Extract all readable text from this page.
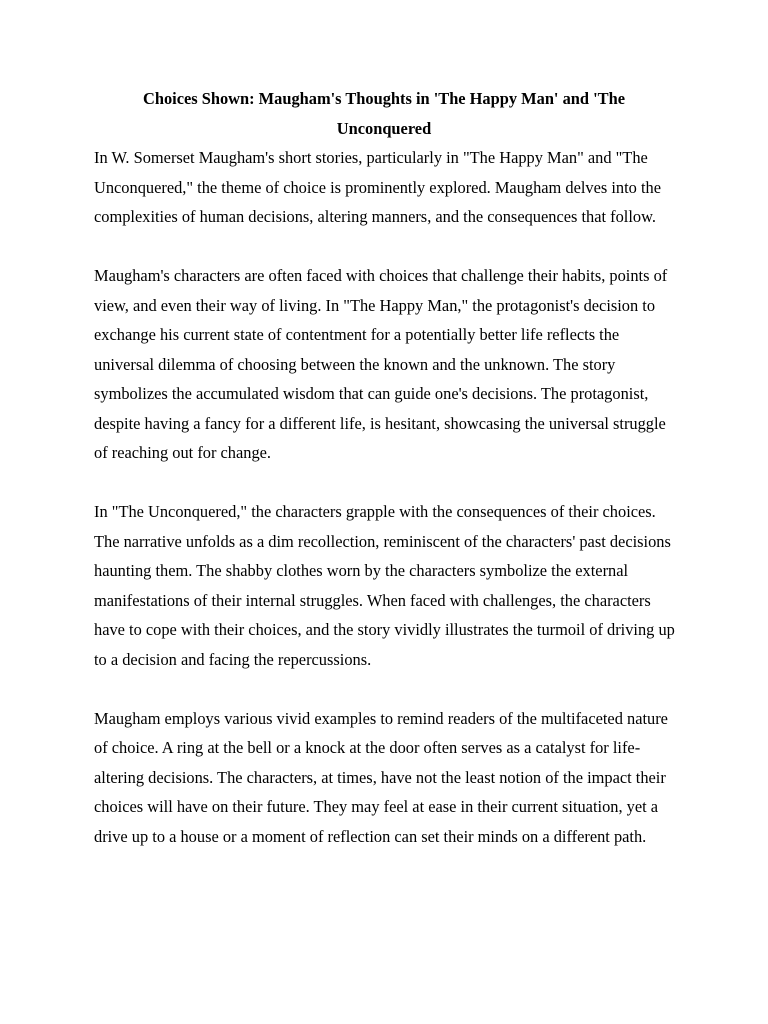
Choices Shown: Maugham's Thoughts in 'The Happy Man' and 'The Unconquered

In W. Somerset Maugham's short stories, particularly in "The Happy Man" and "The Unconquered," the theme of choice is prominently explored. Maugham delves into the complexities of human decisions, altering manners, and the consequences that follow.

Maugham's characters are often faced with choices that challenge their habits, points of view, and even their way of living. In "The Happy Man," the protagonist's decision to exchange his current state of contentment for a potentially better life reflects the universal dilemma of choosing between the known and the unknown. The story symbolizes the accumulated wisdom that can guide one's decisions. The protagonist, despite having a fancy for a different life, is hesitant, showcasing the universal struggle of reaching out for change.

In "The Unconquered," the characters grapple with the consequences of their choices. The narrative unfolds as a dim recollection, reminiscent of the characters' past decisions haunting them. The shabby clothes worn by the characters symbolize the external manifestations of their internal struggles. When faced with challenges, the characters have to cope with their choices, and the story vividly illustrates the turmoil of driving up to a decision and facing the repercussions.

Maugham employs various vivid examples to remind readers of the multifaceted nature of choice. A ring at the bell or a knock at the door often serves as a catalyst for life-altering decisions. The characters, at times, have not the least notion of the impact their choices will have on their future. They may feel at ease in their current situation, yet a drive up to a house or a moment of reflection can set their minds on a different path.
